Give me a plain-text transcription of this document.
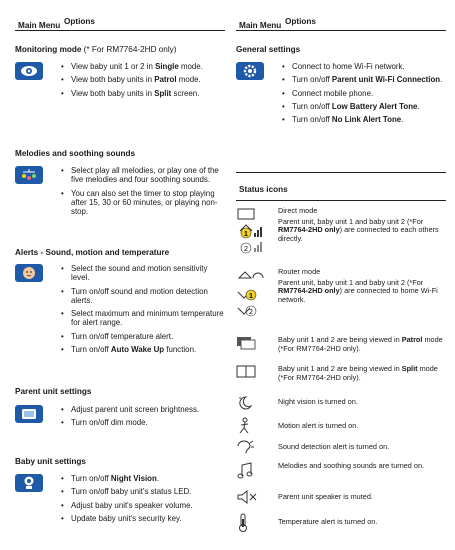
Main Menu Options
Monitoring mode (* For RM7764-2HD only)
• View baby unit 1 or 2 in Single mode.
• View both baby units in Patrol mode.
• View both baby units in Split screen.
Melodies and soothing sounds
• Select play all melodies, or play one of the five melodies and four soothing sounds.
• You can also set the timer to stop playing after 15, 30 or 60 minutes, or playing non-stop.
Alerts - Sound, motion and temperature
• Select the sound and motion sensitivity level.
• Turn on/off sound and motion detection alerts.
• Select maximum and minimum temperature for alert range.
• Turn on/off temperature alert.
• Turn on/off Auto Wake Up function.
Parent unit settings
• Adjust parent unit screen brightness.
• Turn on/off dim mode.
Baby unit settings
• Turn on/off Night Vision.
• Turn on/off baby unit's status LED.
• Adjust baby unit's speaker volume.
• Update baby unit's security key.
Main Menu Options
General settings
• Connect to home Wi-Fi network.
• Turn on/off Parent unit Wi-Fi Connection.
• Connect mobile phone.
• Turn on/off Low Battery Alert Tone.
• Turn on/off No Link Alert Tone.
Status icons
1
2
Direct mode
Parent unit, baby unit 1 and baby unit 2 (*For RM7764-2HD only) are connected to each others directly.
1
2
Router mode
Parent unit, baby unit 1 and baby unit 2 (*For RM7764-2HD only) are connected to home Wi-Fi network.
Baby unit 1 and 2 are being viewed in Patrol mode (*For RM7764-2HD only).
Baby unit 1 and 2 are being viewed in Split mode (*For RM7764-2HD only).
*	Night vision is turned on.
Motion alert is turned on.
Sound detection alert is turned on.
Melodies and soothing sounds are turned on.
Parent unit speaker is muted.
Temperature alert is turned on.
